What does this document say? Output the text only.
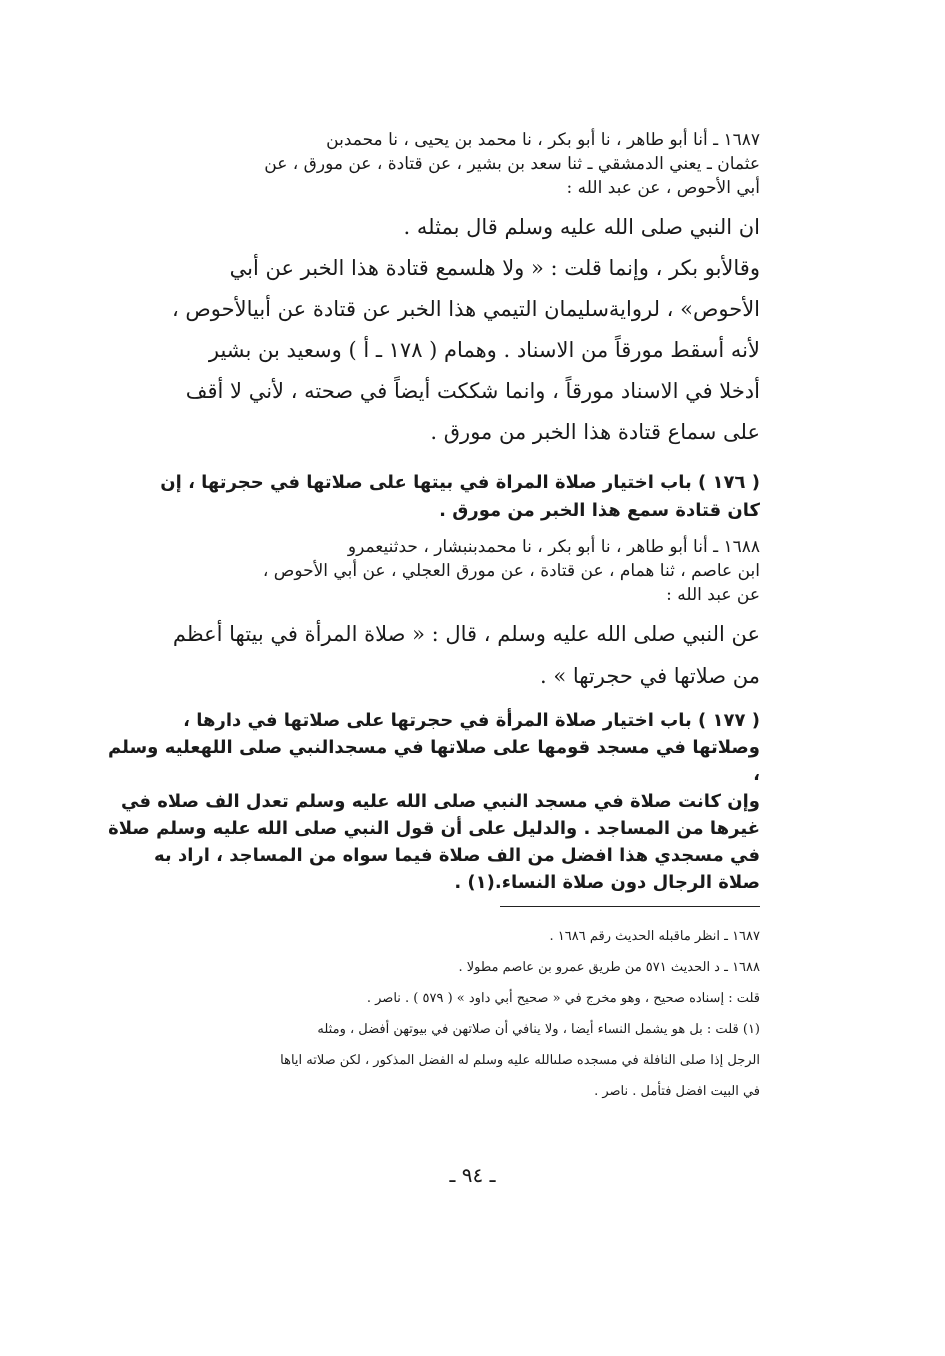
١٦٨٧ ـ أنا أبو طاهر ، نا أبو بكر ، نا محمد بن يحيى ، نا محمدبن
عثمان ـ يعني الدمشقي ـ ثنا سعد بن بشير ، عن قتادة ، عن مورق ، عن
أبي الأحوص ، عن عبد الله :

ان النبي صلى الله عليه وسلم قال بمثله .

وقالأبو بكر ، وإنما قلت : « ولا هلسمع قتادة هذا الخبر عن أبي
الأحوص» ، لروايةسليمان التيمي هذا الخبر عن قتادة عن أبيالأحوص ،
لأنه أسقط مورقاً من الاسناد . وهمام ( ١٧٨ ـ أ ) وسعيد بن بشير
أدخلا في الاسناد مورقاً ، وانما شككت أيضاً في صحته ، لأني لا أقف
على سماع قتادة هذا الخبر من مورق .
( ١٧٦ ) باب اختيار صلاة المراة في بيتها على صلاتها في حجرتها ، إن
كان قتادة سمع هذا الخبر من مورق .
١٦٨٨ ـ أنا أبو طاهر ، نا أبو بكر ، نا محمدبنبشار ، حدثنيعمرو
ابن عاصم ، ثنا همام ، عن قتادة ، عن مورق العجلي ، عن أبي الأحوص ،
عن عبد الله :
عن النبي صلى الله عليه وسلم ، قال : « صلاة المرأة في بيتها أعظم
من صلاتها في حجرتها » .
( ١٧٧ ) باب اختيار صلاة المرأة في حجرتها على صلاتها في دارها ،
وصلاتها في مسجد قومها على صلاتها في مسجدالنبي صلى اللهعليه وسلم ،
وإن كانت صلاة في مسجد النبي صلى الله عليه وسلم تعدل الف صلاه في
غيرها من المساجد . والدليل على أن قول النبي صلى الله عليه وسلم صلاة
في مسجدي هذا افضل من الف صلاة فيما سواه من المساجد ، اراد به
صلاة الرجال دون صلاة النساء.(١) .
١٦٨٧ ـ انظر ماقبله الحديث رقم ١٦٨٦ .
١٦٨٨ ـ د الحديث ٥٧١ من طريق عمرو بن عاصم مطولا .
قلت : إسناده صحيح ، وهو مخرج في « صحيح أبي داود » ( ٥٧٩ ) . ناصر .
(١) قلت : بل هو يشمل النساء أيضا ، ولا ينافي أن صلاتهن في بيوتهن أفضل ، ومثله
الرجل إذا صلى النافلة في مسجده صلىالله عليه وسلم له الفضل المذكور ، لكن صلاته اياها
في البيت افضل فتأمل . ناصر .
ـ ٩٤ ـ
